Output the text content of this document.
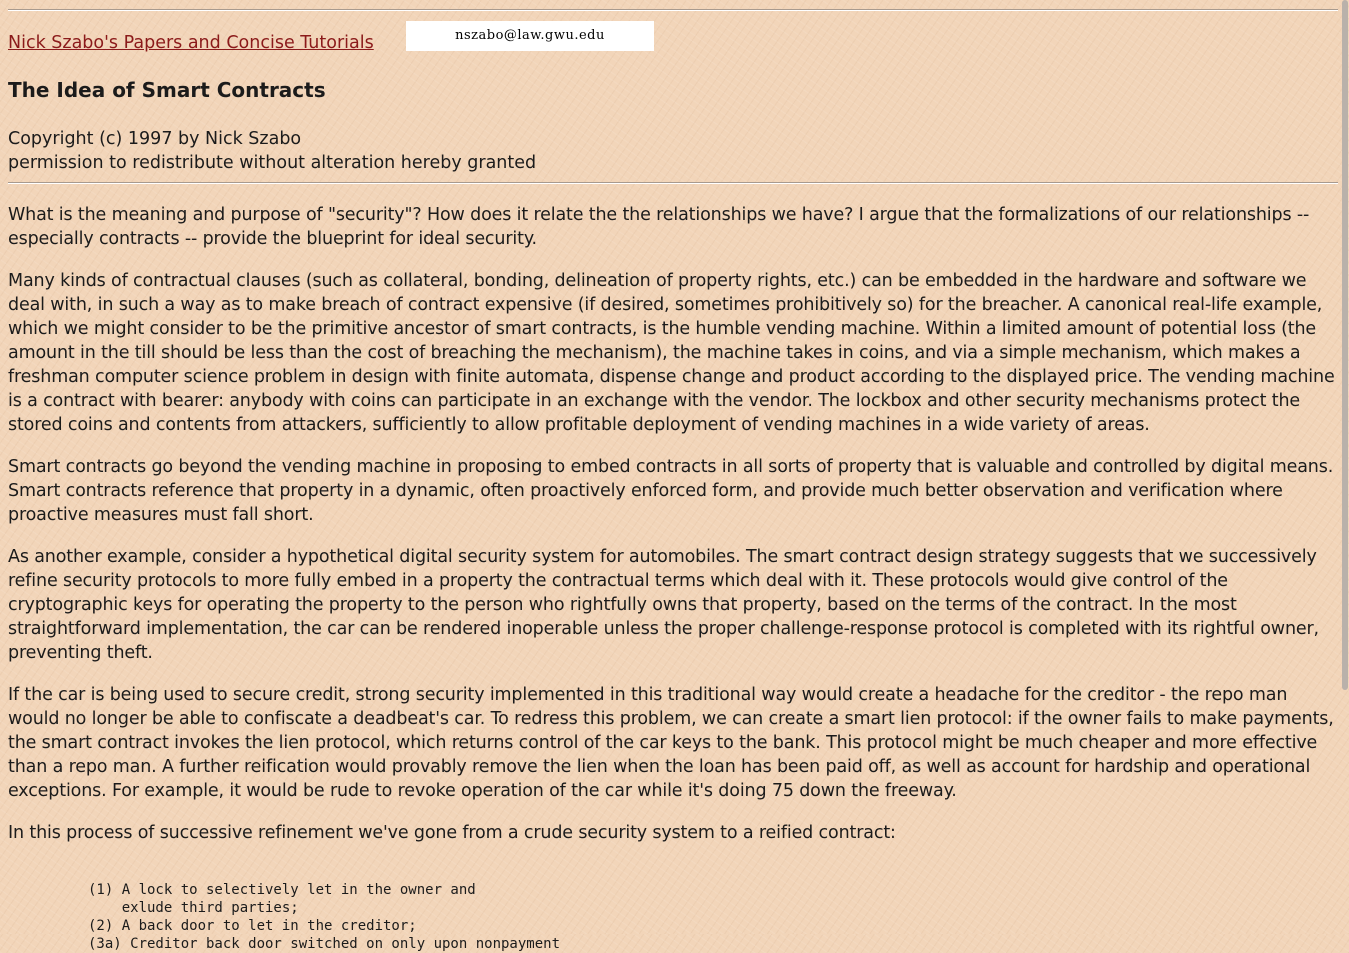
Nick Szabo's Papers and Concise Tutorials	nszabo@law.gwu.edu
The Idea of Smart Contracts
Copyright (c) 1997 by Nick Szabo
permission to redistribute without alteration hereby granted

What is the meaning and purpose of "security"? How does it relate the the relationships we have? I argue that the formalizations of our relationships -- especially contracts -- provide the blueprint for ideal security.

Many kinds of contractual clauses (such as collateral, bonding, delineation of property rights, etc.) can be embedded in the hardware and software we deal with, in such a way as to make breach of contract expensive (if desired, sometimes prohibitively so) for the breacher. A canonical real-life example, which we might consider to be the primitive ancestor of smart contracts, is the humble vending machine. Within a limited amount of potential loss (the amount in the till should be less than the cost of breaching the mechanism), the machine takes in coins, and via a simple mechanism, which makes a freshman computer science problem in design with finite automata, dispense change and product according to the displayed price. The vending machine is a contract with bearer: anybody with coins can participate in an exchange with the vendor. The lockbox and other security mechanisms protect the stored coins and contents from attackers, sufficiently to allow profitable deployment of vending machines in a wide variety of areas.

Smart contracts go beyond the vending machine in proposing to embed contracts in all sorts of property that is valuable and controlled by digital means. Smart contracts reference that property in a dynamic, often proactively enforced form, and provide much better observation and verification where proactive measures must fall short.

As another example, consider a hypothetical digital security system for automobiles. The smart contract design strategy suggests that we successively refine security protocols to more fully embed in a property the contractual terms which deal with it. These protocols would give control of the cryptographic keys for operating the property to the person who rightfully owns that property, based on the terms of the contract. In the most straightforward implementation, the car can be rendered inoperable unless the proper challenge-response protocol is completed with its rightful owner, preventing theft.

If the car is being used to secure credit, strong security implemented in this traditional way would create a headache for the creditor - the repo man would no longer be able to confiscate a deadbeat's car. To redress this problem, we can create a smart lien protocol: if the owner fails to make payments, the smart contract invokes the lien protocol, which returns control of the car keys to the bank. This protocol might be much cheaper and more effective than a repo man. A further reification would provably remove the lien when the loan has been paid off, as well as account for hardship and operational exceptions. For example, it would be rude to revoke operation of the car while it's doing 75 down the freeway.

In this process of successive refinement we've gone from a crude security system to a reified contract:

(1) A lock to selectively let in the owner and
exlude third parties;
(2) A back door to let in the creditor;
(3a) Creditor back door switched on only upon nonpayment
